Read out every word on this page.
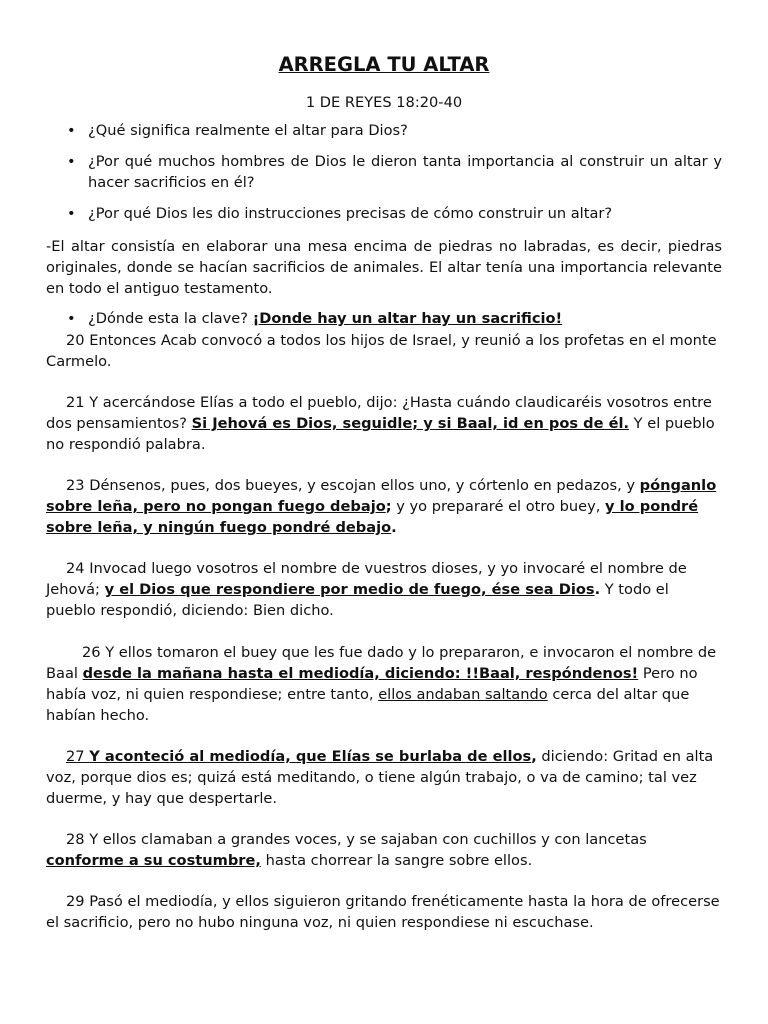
ARREGLA TU ALTAR
1 DE REYES 18:20-40
• ¿Qué significa realmente el altar para Dios?
• ¿Por qué muchos hombres de Dios le dieron tanta importancia al construir un altar y hacer sacrificios en él?
• ¿Por qué Dios les dio instrucciones precisas de cómo construir un altar?

-El altar consistía en elaborar una mesa encima de piedras no labradas, es decir, piedras originales, donde se hacían sacrificios de animales. El altar tenía una importancia relevante en todo el antiguo testamento.

• ¿Dónde esta la clave? ¡Donde hay un altar hay un sacrificio!

20 Entonces Acab convocó a todos los hijos de Israel, y reunió a los profetas en el monte Carmelo.

21 Y acercándose Elías a todo el pueblo, dijo: ¿Hasta cuándo claudicaréis vosotros entre dos pensamientos? Si Jehová es Dios, seguidle; y si Baal, id en pos de él. Y el pueblo no respondió palabra.

23 Dénsenos, pues, dos bueyes, y escojan ellos uno, y córtenlo en pedazos, y pónganlo sobre leña, pero no pongan fuego debajo; y yo prepararé el otro buey, y lo pondré sobre leña, y ningún fuego pondré debajo.

24 Invocad luego vosotros el nombre de vuestros dioses, y yo invocaré el nombre de Jehová; y el Dios que respondiere por medio de fuego, ése sea Dios. Y todo el pueblo respondió, diciendo: Bien dicho.

26 Y ellos tomaron el buey que les fue dado y lo prepararon, e invocaron el nombre de Baal desde la mañana hasta el mediodía, diciendo: !!Baal, respóndenos! Pero no había voz, ni quien respondiese; entre tanto, ellos andaban saltando cerca del altar que habían hecho.

27 Y aconteció al mediodía, que Elías se burlaba de ellos, diciendo: Gritad en alta voz, porque dios es; quizá está meditando, o tiene algún trabajo, o va de camino; tal vez duerme, y hay que despertarle.

28 Y ellos clamaban a grandes voces, y se sajaban con cuchillos y con lancetas conforme a su costumbre, hasta chorrear la sangre sobre ellos.

29 Pasó el mediodía, y ellos siguieron gritando frenéticamente hasta la hora de ofrecerse el sacrificio, pero no hubo ninguna voz, ni quien respondiese ni escuchase.
